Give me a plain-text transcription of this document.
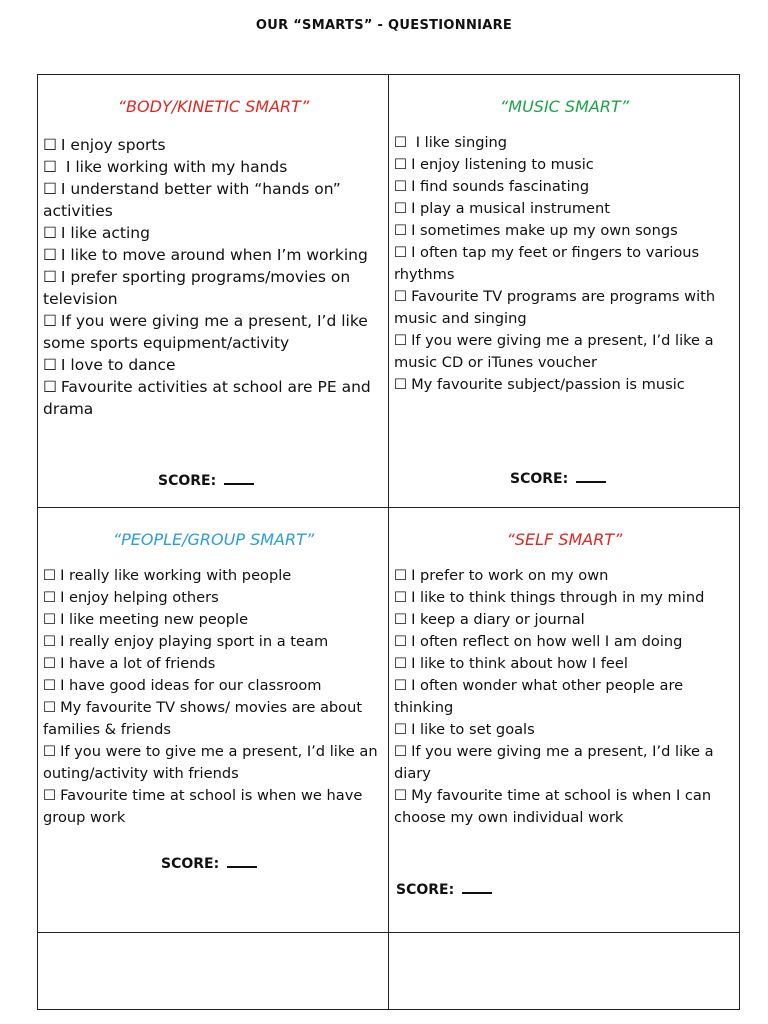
OUR “SMARTS” - QUESTIONNIARE
“BODY/KINETIC SMART”
☐ I enjoy sports
☐ I like working with my hands
☐ I understand better with “hands on” activities
☐ I like acting
☐ I like to move around when I’m working
☐ I prefer sporting programs/movies on television
☐ If you were giving me a present, I’d like some sports equipment/activity
☐ I love to dance
☐ Favourite activities at school are PE and drama
SCORE:
“MUSIC SMART”
☐ I like singing
☐ I enjoy listening to music
☐ I find sounds fascinating
☐ I play a musical instrument
☐ I sometimes make up my own songs
☐ I often tap my feet or fingers to various rhythms
☐ Favourite TV programs are programs with music and singing
☐ If you were giving me a present, I’d like a music CD or iTunes voucher
☐ My favourite subject/passion is music
SCORE:
“PEOPLE/GROUP SMART”
☐ I really like working with people
☐ I enjoy helping others
☐ I like meeting new people
☐ I really enjoy playing sport in a team
☐ I have a lot of friends
☐ I have good ideas for our classroom
☐ My favourite TV shows/ movies are about families & friends
☐ If you were to give me a present, I’d like an outing/activity with friends
☐ Favourite time at school is when we have group work
SCORE:
“SELF SMART”
☐ I prefer to work on my own
☐ I like to think things through in my mind
☐ I keep a diary or journal
☐ I often reflect on how well I am doing
☐ I like to think about how I feel
☐ I often wonder what other people are thinking
☐ I like to set goals
☐ If you were giving me a present, I’d like a diary
☐ My favourite time at school is when I can choose my own individual work
SCORE:
